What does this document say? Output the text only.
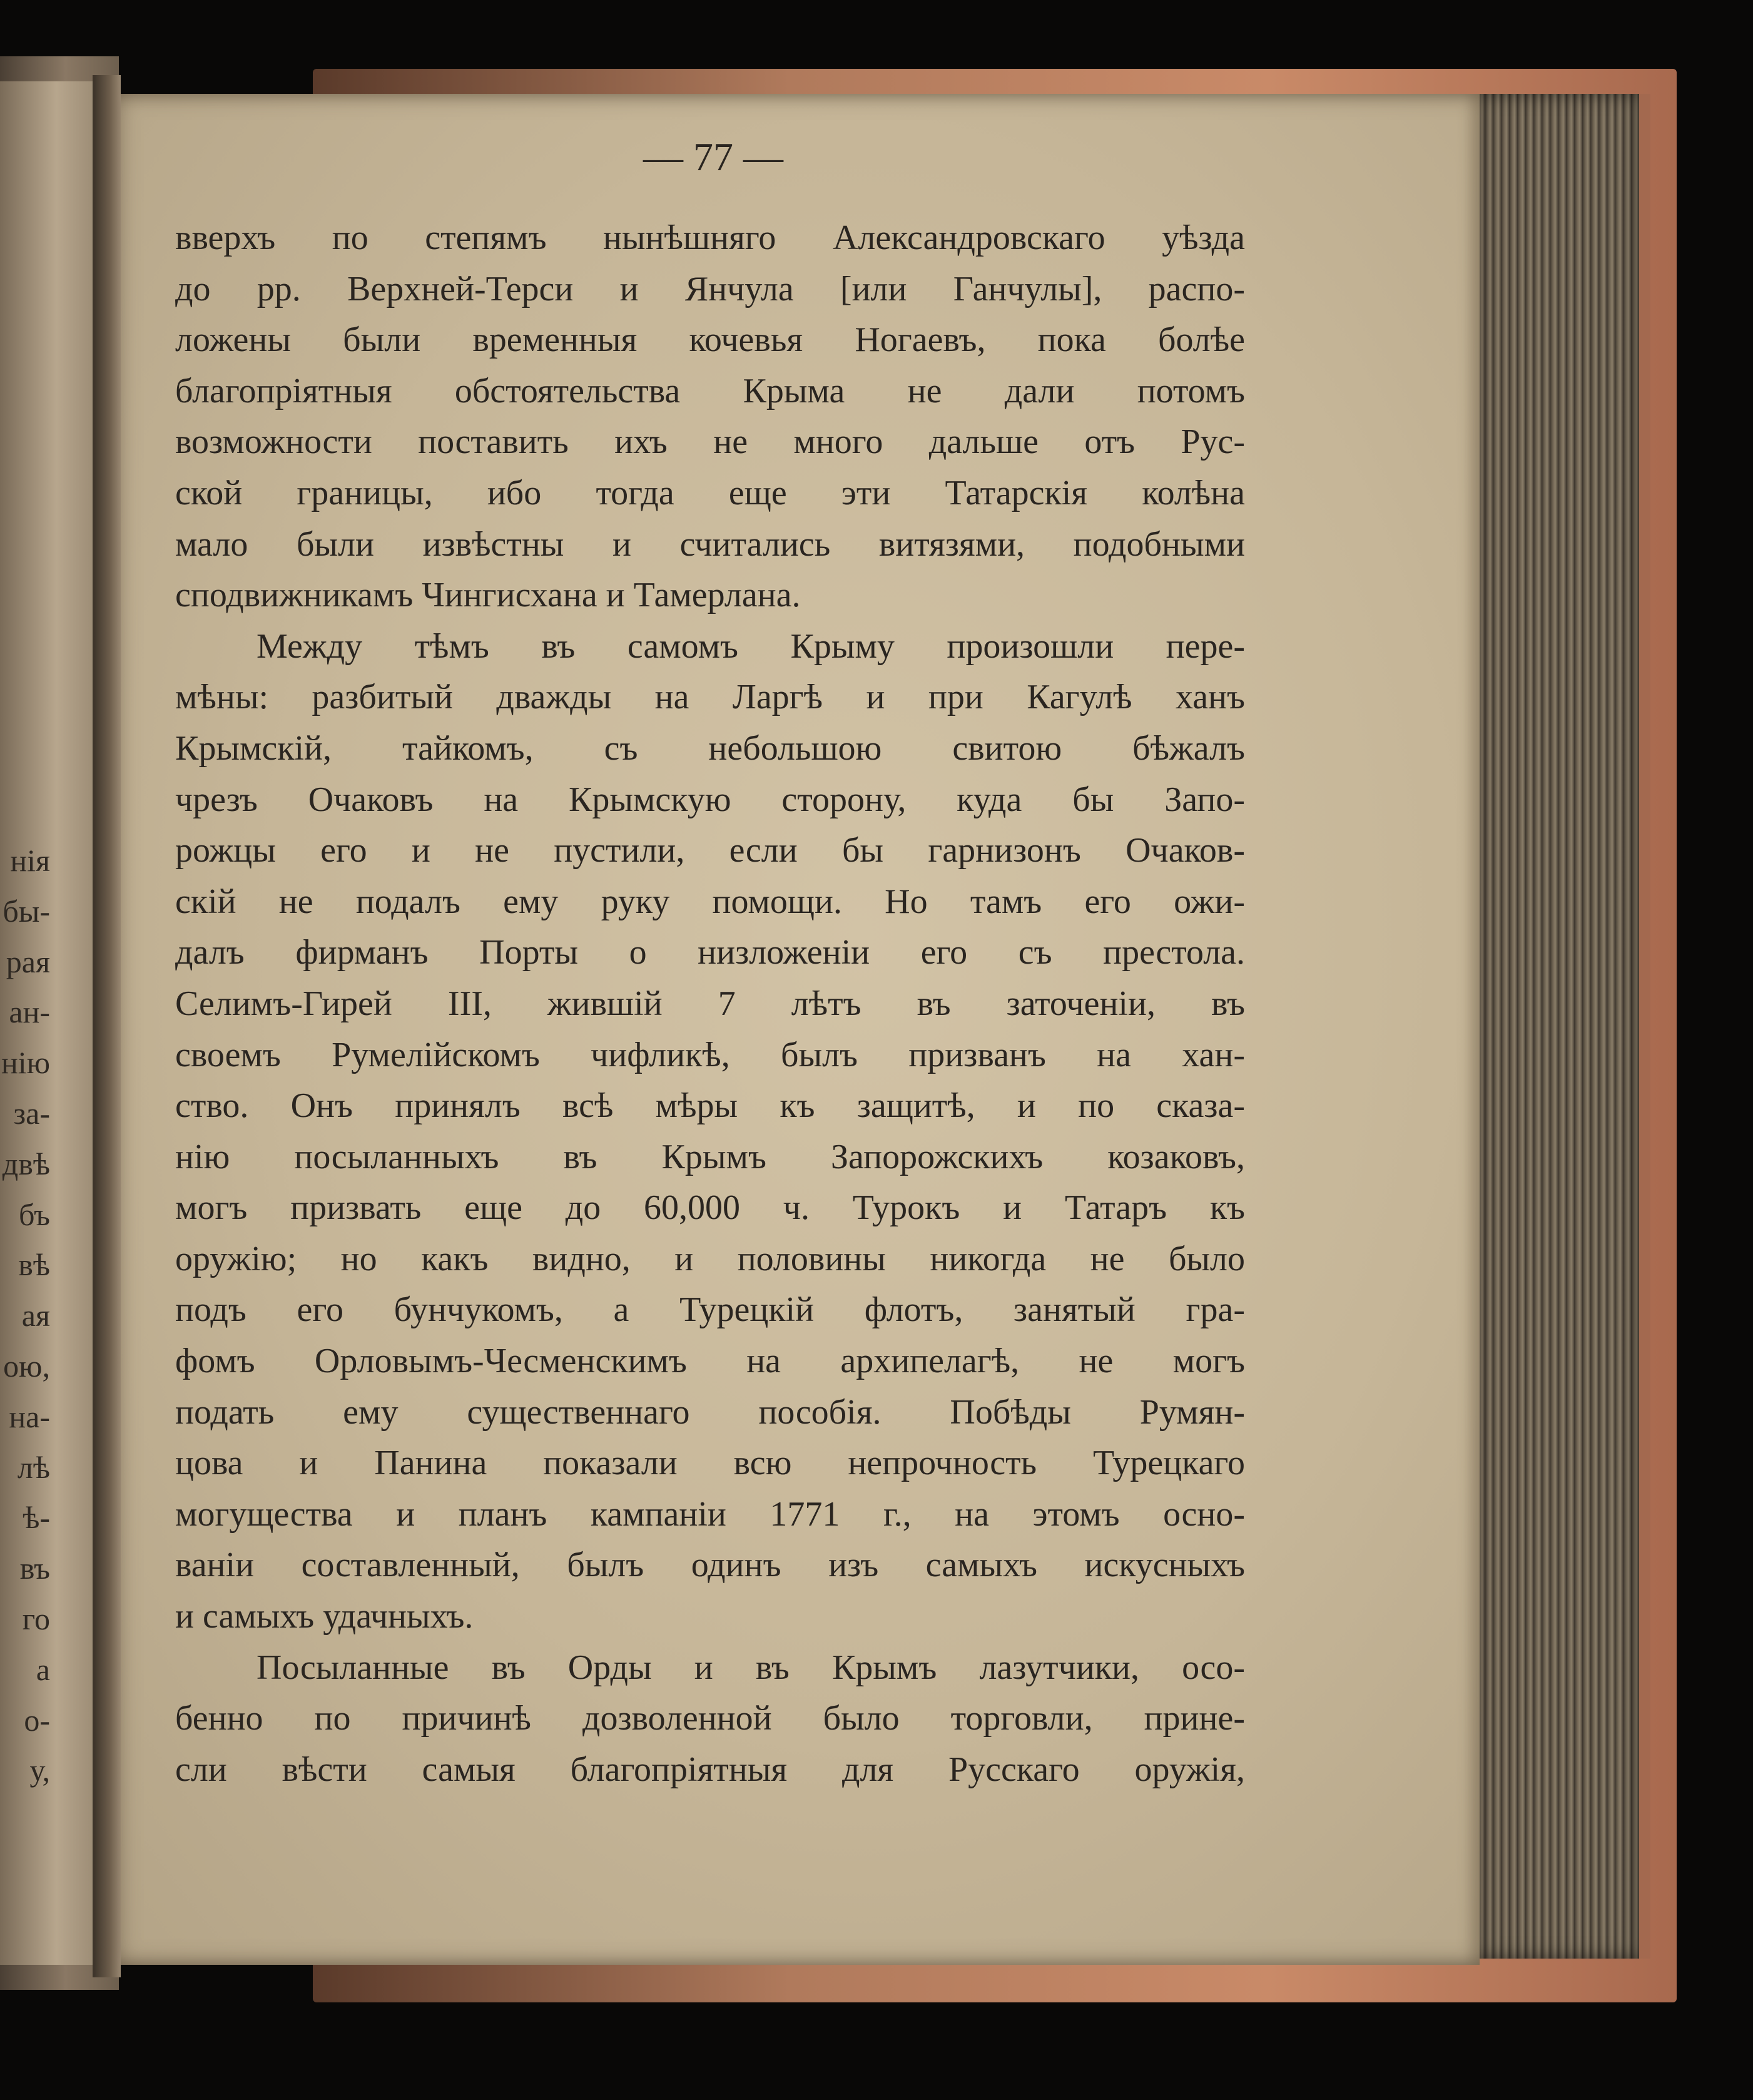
нія
бы-
рая
ан-
нію
за-
двѣ
бъ
вѣ
ая
ою,
на-
лѣ
ѣ-
въ
го
а
о-
у,
— 77 —
вверхъ по степямъ нынѣшняго Александровскаго уѣзда
до рр. Верхней-Терси и Янчула [или Ганчулы], распо-
ложены были временныя кочевья Ногаевъ, пока болѣе
благопріятныя обстоятельства Крыма не дали потомъ
возможности поставить ихъ не много дальше отъ Рус-
ской границы, ибо тогда еще эти Татарскія колѣна
мало были извѣстны и считались витязями, подобными
сподвижникамъ Чингисхана и Тамерлана.
Между тѣмъ въ самомъ Крыму произошли пере-
мѣны: разбитый дважды на Ларгѣ и при Кагулѣ ханъ
Крымскій, тайкомъ, съ небольшою свитою бѣжалъ
чрезъ Очаковъ на Крымскую сторону, куда бы Запо-
рожцы его и не пустили, если бы гарнизонъ Очаков-
скій не подалъ ему руку помощи. Но тамъ его ожи-
далъ фирманъ Порты о низложеніи его съ престола.
Селимъ-Гирей III, жившій 7 лѣтъ въ заточеніи, въ
своемъ Румелійскомъ чифликѣ, былъ призванъ на хан-
ство. Онъ принялъ всѣ мѣры къ защитѣ, и по сказа-
нію посыланныхъ въ Крымъ Запорожскихъ козаковъ,
могъ призвать еще до 60,000 ч. Турокъ и Татаръ къ
оружію; но какъ видно, и половины никогда не было
подъ его бунчукомъ, а Турецкій флотъ, занятый гра-
фомъ Орловымъ-Чесменскимъ на архипелагѣ, не могъ
подать ему существеннаго пособія. Побѣды Румян-
цова и Панина показали всю непрочность Турецкаго
могущества и планъ кампаніи 1771 г., на этомъ осно-
ваніи составленный, былъ одинъ изъ самыхъ искусныхъ
и самыхъ удачныхъ.
Посыланные въ Орды и въ Крымъ лазутчики, осо-
бенно по причинѣ дозволенной было торговли, прине-
сли вѣсти самыя благопріятныя для Русскаго оружія,
